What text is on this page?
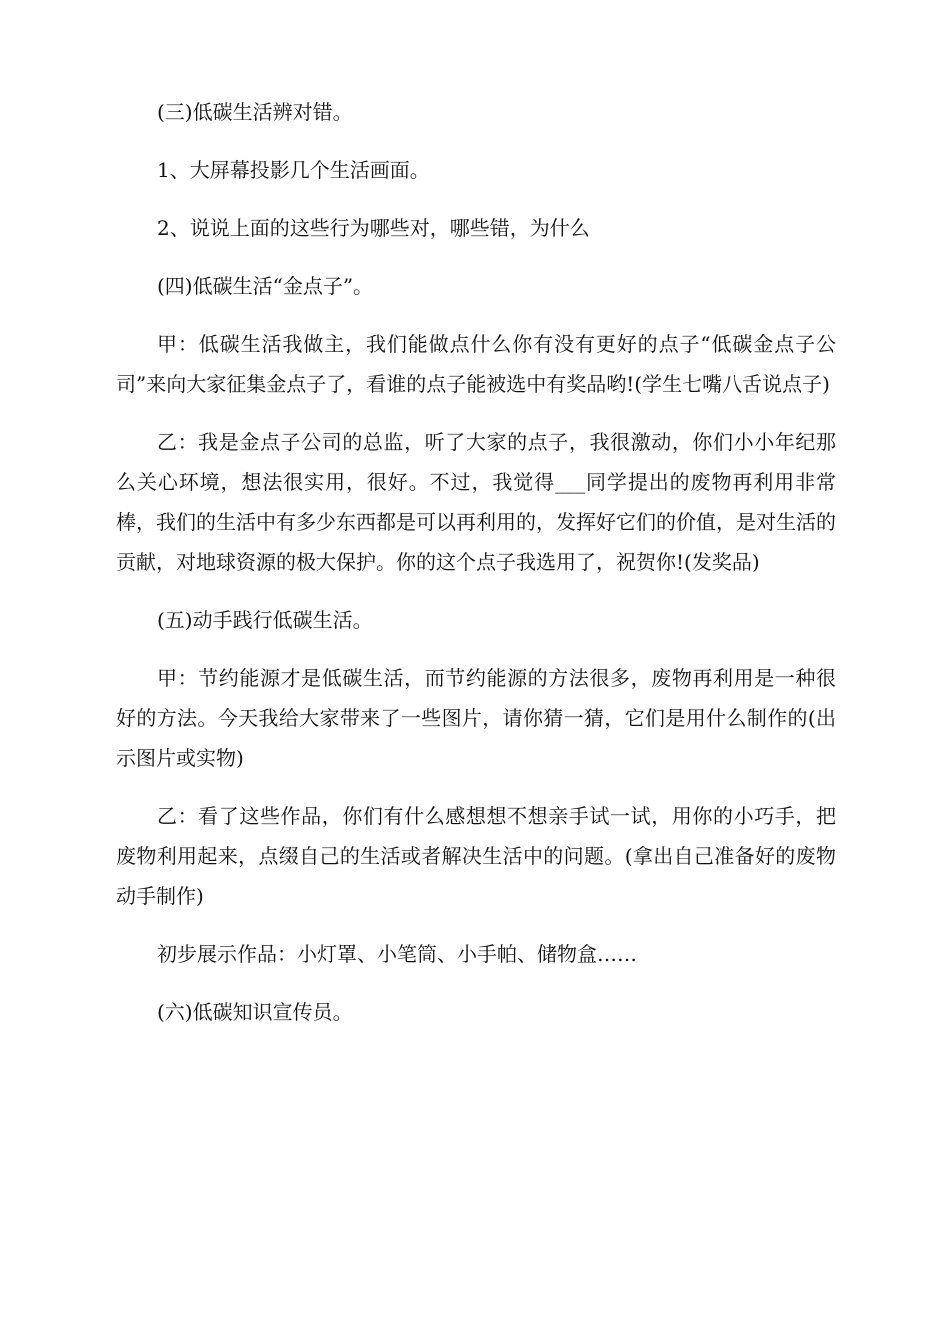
(三)低碳生活辨对错。

1、大屏幕投影几个生活画面。

2、说说上面的这些行为哪些对，哪些错，为什么

(四)低碳生活“金点子”。

甲：低碳生活我做主，我们能做点什么你有没有更好的点子“低碳金点子公司”来向大家征集金点子了，看谁的点子能被选中有奖品哟!(学生七嘴八舌说点子)

乙：我是金点子公司的总监，听了大家的点子，我很激动，你们小小年纪那么关心环境，想法很实用，很好。不过，我觉得___同学提出的废物再利用非常棒，我们的生活中有多少东西都是可以再利用的，发挥好它们的价值，是对生活的贡献，对地球资源的极大保护。你的这个点子我选用了，祝贺你!(发奖品)

(五)动手践行低碳生活。

甲：节约能源才是低碳生活，而节约能源的方法很多，废物再利用是一种很好的方法。今天我给大家带来了一些图片，请你猜一猜，它们是用什么制作的(出示图片或实物)

乙：看了这些作品，你们有什么感想想不想亲手试一试，用你的小巧手，把废物利用起来，点缀自己的生活或者解决生活中的问题。(拿出自己准备好的废物动手制作)

初步展示作品：小灯罩、小笔筒、小手帕、储物盒……

(六)低碳知识宣传员。
